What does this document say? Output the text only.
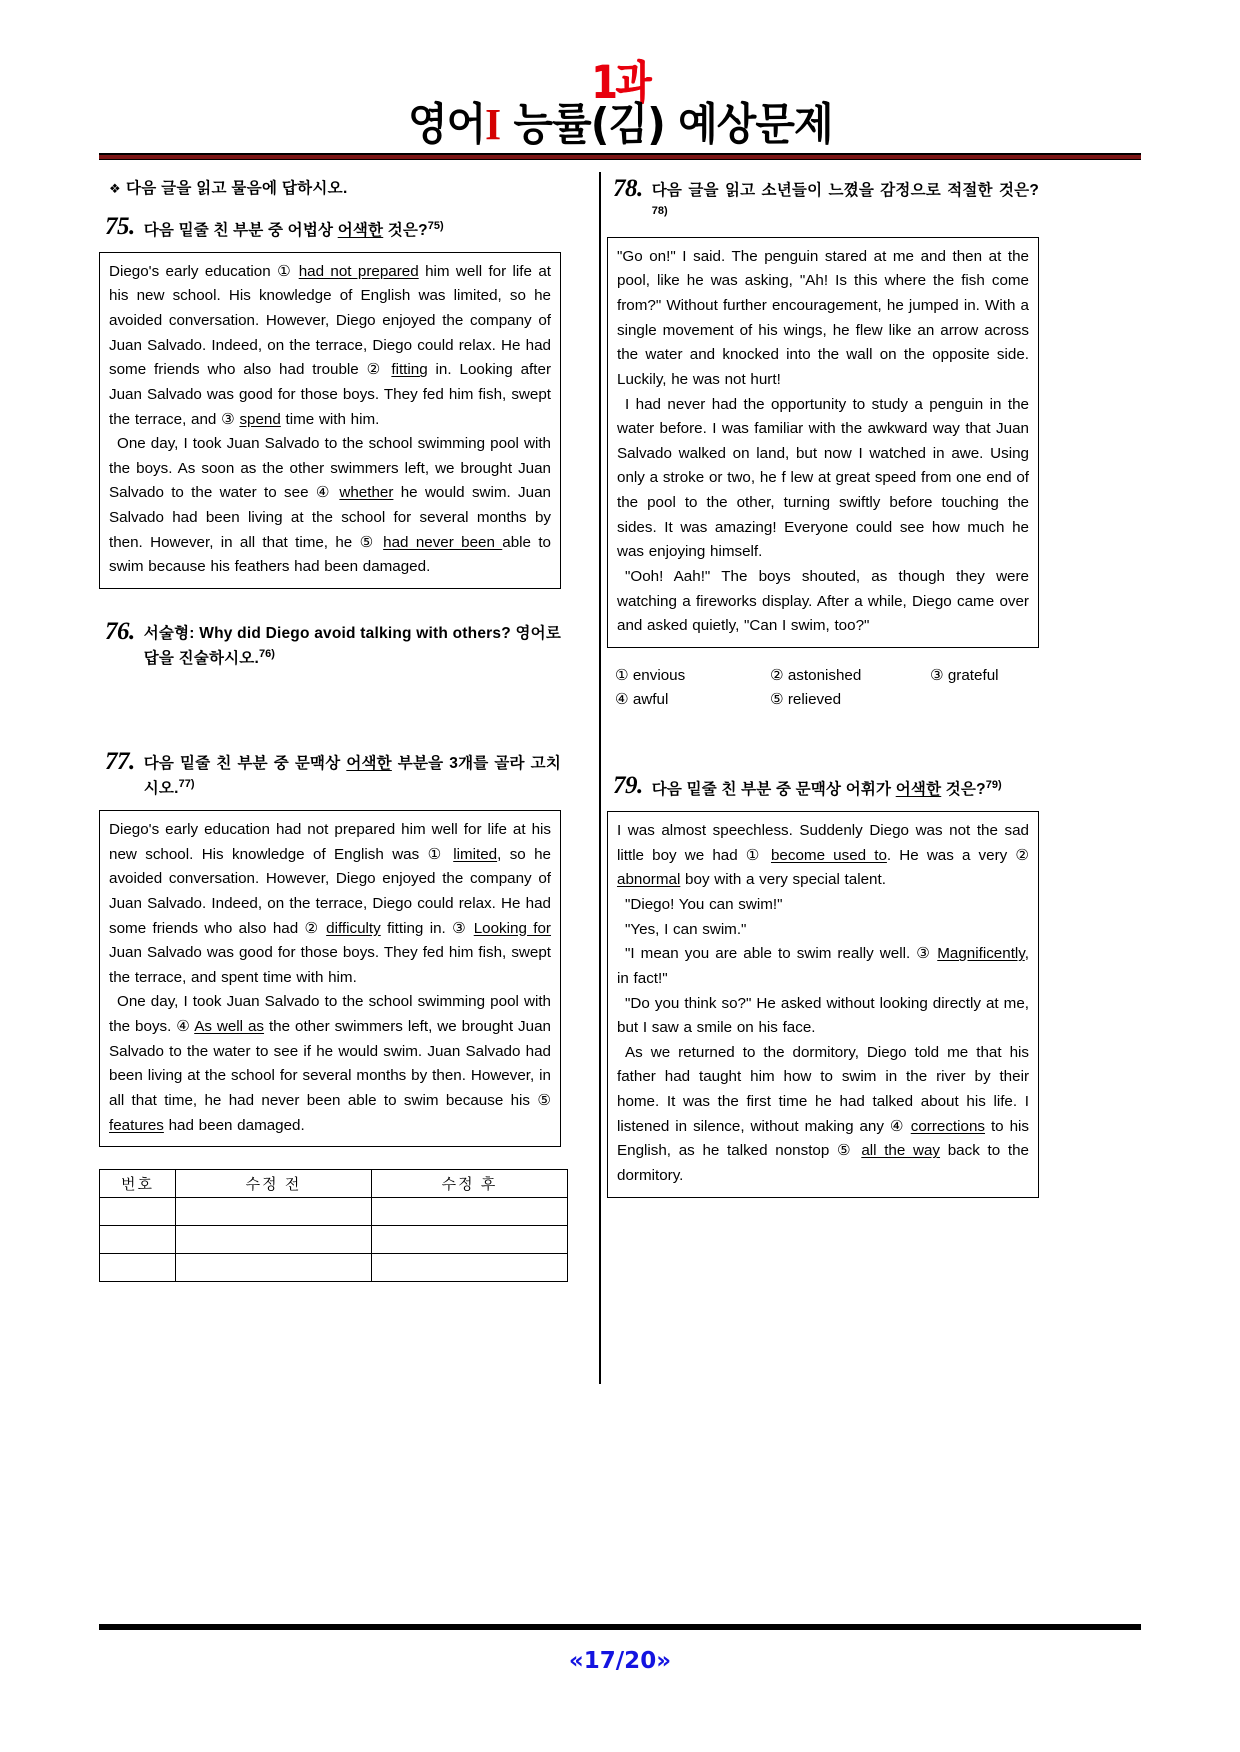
1과
영어I 능률(김) 예상문제
❖ 다음 글을 읽고 물음에 답하시오.
75. 다음 밑줄 친 부분 중 어법상 어색한 것은?$^{75)}$

Diego's early education ① had not prepared him well for life at his new school. His knowledge of English was limited, so he avoided conversation. However, Diego enjoyed the company of Juan Salvado. Indeed, on the terrace, Diego could relax. He had some friends who also had trouble ② fitting in. Looking after Juan Salvado was good for those boys. They fed him fish, swept the terrace, and ③ spend time with him.

One day, I took Juan Salvado to the school swimming pool with the boys. As soon as the other swimmers left, we brought Juan Salvado to the water to see ④ whether he would swim. Juan Salvado had been living at the school for several months by then. However, in all that time, he ⑤ had never been able to swim because his feathers had been damaged.

76. 서술형: Why did Diego avoid talking with others? 영어로 답을 진술하시오.$^{76)}$
77. 다음 밑줄 친 부분 중 문맥상 어색한 부분을 3개를 골라 고치시오.$^{77)}$

Diego's early education had not prepared him well for life at his new school. His knowledge of English was ① limited, so he avoided conversation. However, Diego enjoyed the company of Juan Salvado. Indeed, on the terrace, Diego could relax. He had some friends who also had ② difficulty fitting in. ③ Looking for Juan Salvado was good for those boys. They fed him fish, swept the terrace, and spent time with him.

One day, I took Juan Salvado to the school swimming pool with the boys. ④ As well as the other swimmers left, we brought Juan Salvado to the water to see if he would swim. Juan Salvado had been living at the school for several months by then. However, in all that time, he had never been able to swim because his ⑤ features had been damaged.

번호	수정 전	수정 후

78. 다음 글을 읽고 소년들이 느꼈을 감정으로 적절한 것은?$^{78)}$

"Go on!" I said. The penguin stared at me and then at the pool, like he was asking, "Ah! Is this where the fish come from?" Without further encouragement, he jumped in. With a single movement of his wings, he flew like an arrow across the water and knocked into the wall on the opposite side. Luckily, he was not hurt!

I had never had the opportunity to study a penguin in the water before. I was familiar with the awkward way that Juan Salvado walked on land, but now I watched in awe. Using only a stroke or two, he f lew at great speed from one end of the pool to the other, turning swiftly before touching the sides. It was amazing! Everyone could see how much he was enjoying himself.

"Ooh! Aah!" The boys shouted, as though they were watching a fireworks display. After a while, Diego came over and asked quietly, "Can I swim, too?"

① envious	② astonished	③ grateful
④ awful	⑤ relieved
79. 다음 밑줄 친 부분 중 문맥상 어휘가 어색한 것은?$^{79)}$

I was almost speechless. Suddenly Diego was not the sad little boy we had ① become used to. He was a very ② abnormal boy with a very special talent.

"Diego! You can swim!"

"Yes, I can swim."

"I mean you are able to swim really well. ③ Magnificently, in fact!"

"Do you think so?" He asked without looking directly at me, but I saw a smile on his face.

As we returned to the dormitory, Diego told me that his father had taught him how to swim in the river by their home. It was the first time he had talked about his life. I listened in silence, without making any ④ corrections to his English, as he talked nonstop ⑤ all the way back to the dormitory.

«17/20»
